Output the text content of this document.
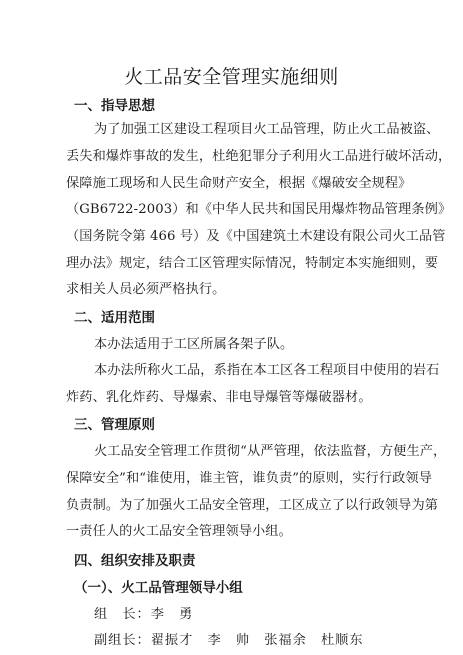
火工品安全管理实施细则
一、指导思想
为了加强工区建设工程项目火工品管理，防止火工品被盗、
丢失和爆炸事故的发生，杜绝犯罪分子利用火工品进行破坏活动，
保障施工现场和人民生命财产安全，根据《爆破安全规程》
（GB6722-2003）和《中华人民共和国民用爆炸物品管理条例》
（国务院令第 466 号）及《中国建筑土木建设有限公司火工品管
理办法》规定，结合工区管理实际情况，特制定本实施细则，要
求相关人员必须严格执行。
二、适用范围
本办法适用于工区所属各架子队。
本办法所称火工品，系指在本工区各工程项目中使用的岩石
炸药、乳化炸药、导爆索、非电导爆管等爆破器材。
三、管理原则
火工品安全管理工作贯彻“从严管理，依法监督，方便生产，
保障安全”和“谁使用，谁主管，谁负责”的原则，实行行政领导
负责制。为了加强火工品安全管理，工区成立了以行政领导为第
一责任人的火工品安全管理领导小组。
四、组织安排及职责
（一）、火工品管理领导小组
组　长：李　勇
副组长：翟振才　李　帅　张福余　杜顺东
